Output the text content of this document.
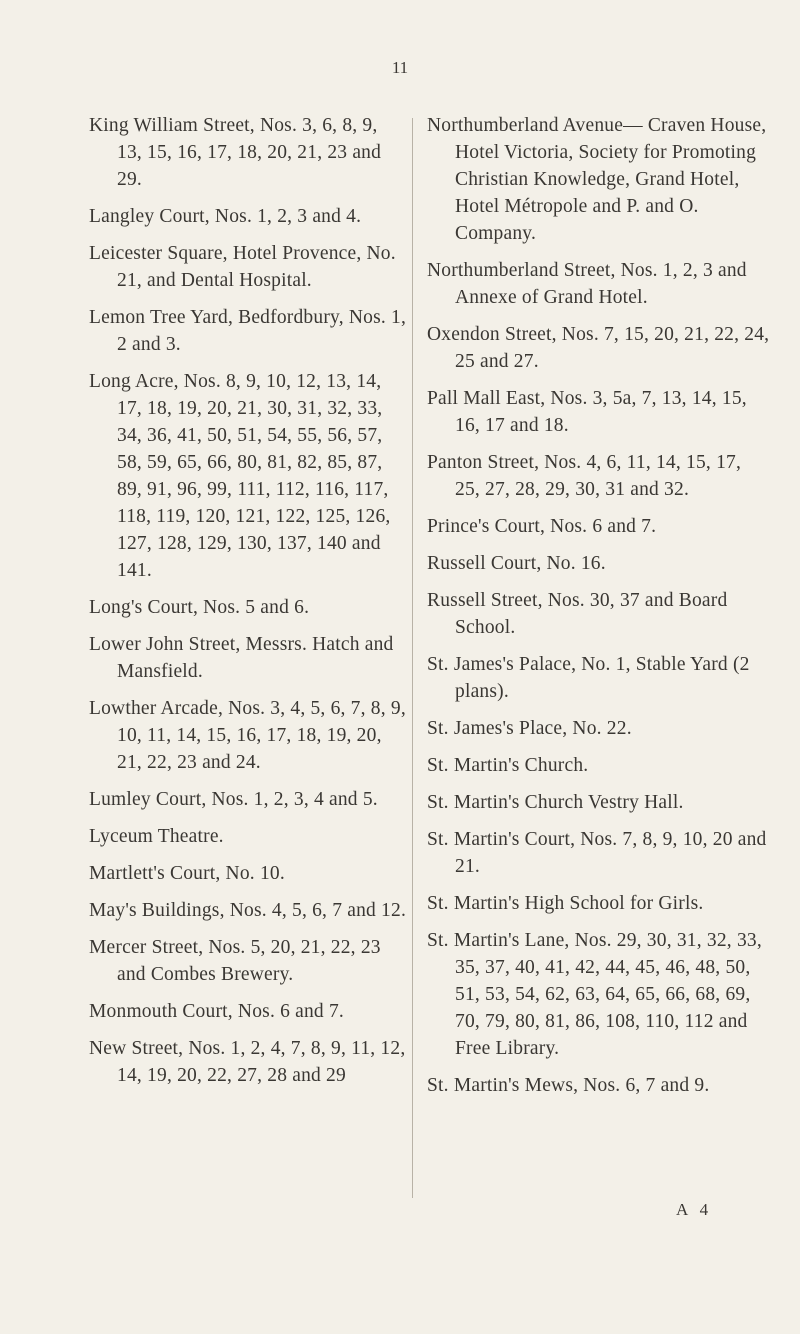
11

King William Street, Nos. 3, 6, 8, 9, 13, 15, 16, 17, 18, 20, 21, 23 and 29.

Langley Court, Nos. 1, 2, 3 and 4.

Leicester Square, Hotel Provence, No. 21, and Dental Hospital.

Lemon Tree Yard, Bedfordbury, Nos. 1, 2 and 3.

Long Acre, Nos. 8, 9, 10, 12, 13, 14, 17, 18, 19, 20, 21, 30, 31, 32, 33, 34, 36, 41, 50, 51, 54, 55, 56, 57, 58, 59, 65, 66, 80, 81, 82, 85, 87, 89, 91, 96, 99, 111, 112, 116, 117, 118, 119, 120, 121, 122, 125, 126, 127, 128, 129, 130, 137, 140 and 141.

Long's Court, Nos. 5 and 6.

Lower John Street, Messrs. Hatch and Mansfield.

Lowther Arcade, Nos. 3, 4, 5, 6, 7, 8, 9, 10, 11, 14, 15, 16, 17, 18, 19, 20, 21, 22, 23 and 24.

Lumley Court, Nos. 1, 2, 3, 4 and 5.

Lyceum Theatre.

Martlett's Court, No. 10.

May's Buildings, Nos. 4, 5, 6, 7 and 12.

Mercer Street, Nos. 5, 20, 21, 22, 23 and Combes Brewery.

Monmouth Court, Nos. 6 and 7.

New Street, Nos. 1, 2, 4, 7, 8, 9, 11, 12, 14, 19, 20, 22, 27, 28 and 29

Northumberland Avenue— Craven House, Hotel Victoria, Society for Promoting Christian Knowledge, Grand Hotel, Hotel Métropole and P. and O. Company.

Northumberland Street, Nos. 1, 2, 3 and Annexe of Grand Hotel.

Oxendon Street, Nos. 7, 15, 20, 21, 22, 24, 25 and 27.

Pall Mall East, Nos. 3, 5a, 7, 13, 14, 15, 16, 17 and 18.

Panton Street, Nos. 4, 6, 11, 14, 15, 17, 25, 27, 28, 29, 30, 31 and 32.

Prince's Court, Nos. 6 and 7.

Russell Court, No. 16.

Russell Street, Nos. 30, 37 and Board School.

St. James's Palace, No. 1, Stable Yard (2 plans).

St. James's Place, No. 22.

St. Martin's Church.

St. Martin's Church Vestry Hall.

St. Martin's Court, Nos. 7, 8, 9, 10, 20 and 21.

St. Martin's High School for Girls.

St. Martin's Lane, Nos. 29, 30, 31, 32, 33, 35, 37, 40, 41, 42, 44, 45, 46, 48, 50, 51, 53, 54, 62, 63, 64, 65, 66, 68, 69, 70, 79, 80, 81, 86, 108, 110, 112 and Free Library.

St. Martin's Mews, Nos. 6, 7 and 9.

A 4
